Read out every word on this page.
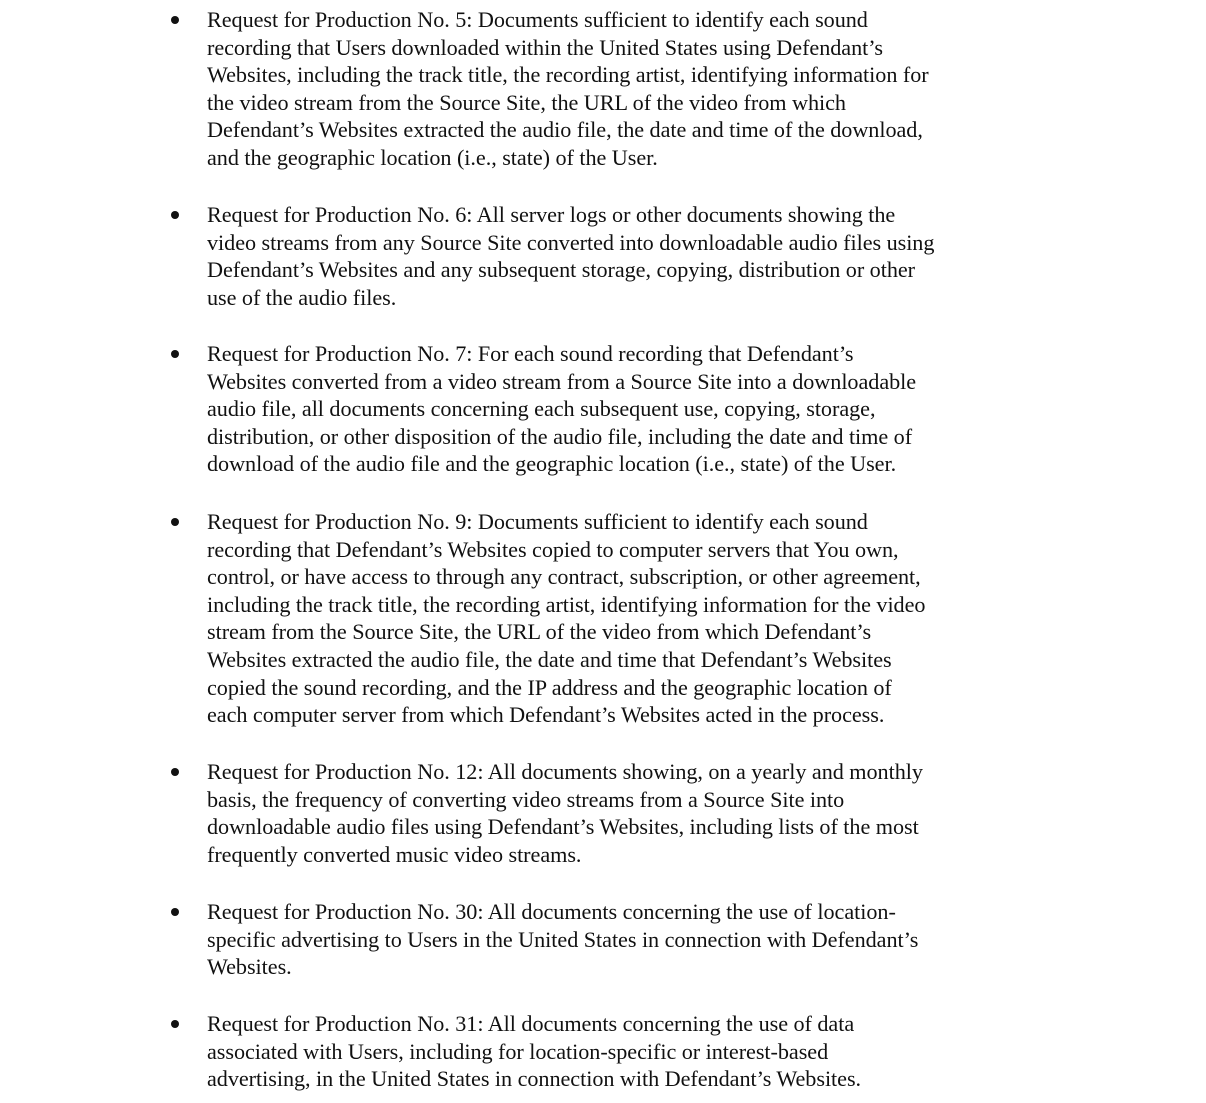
Request for Production No. 5: Documents sufficient to identify each sound
recording that Users downloaded within the United States using Defendant’s
Websites, including the track title, the recording artist, identifying information for
the video stream from the Source Site, the URL of the video from which
Defendant’s Websites extracted the audio file, the date and time of the download,
and the geographic location (i.e., state) of the User.
Request for Production No. 6: All server logs or other documents showing the
video streams from any Source Site converted into downloadable audio files using
Defendant’s Websites and any subsequent storage, copying, distribution or other
use of the audio files.
Request for Production No. 7: For each sound recording that Defendant’s
Websites converted from a video stream from a Source Site into a downloadable
audio file, all documents concerning each subsequent use, copying, storage,
distribution, or other disposition of the audio file, including the date and time of
download of the audio file and the geographic location (i.e., state) of the User.
Request for Production No. 9: Documents sufficient to identify each sound
recording that Defendant’s Websites copied to computer servers that You own,
control, or have access to through any contract, subscription, or other agreement,
including the track title, the recording artist, identifying information for the video
stream from the Source Site, the URL of the video from which Defendant’s
Websites extracted the audio file, the date and time that Defendant’s Websites
copied the sound recording, and the IP address and the geographic location of
each computer server from which Defendant’s Websites acted in the process.
Request for Production No. 12: All documents showing, on a yearly and monthly
basis, the frequency of converting video streams from a Source Site into
downloadable audio files using Defendant’s Websites, including lists of the most
frequently converted music video streams.
Request for Production No. 30: All documents concerning the use of location-
specific advertising to Users in the United States in connection with Defendant’s
Websites.
Request for Production No. 31: All documents concerning the use of data
associated with Users, including for location-specific or interest-based
advertising, in the United States in connection with Defendant’s Websites.
